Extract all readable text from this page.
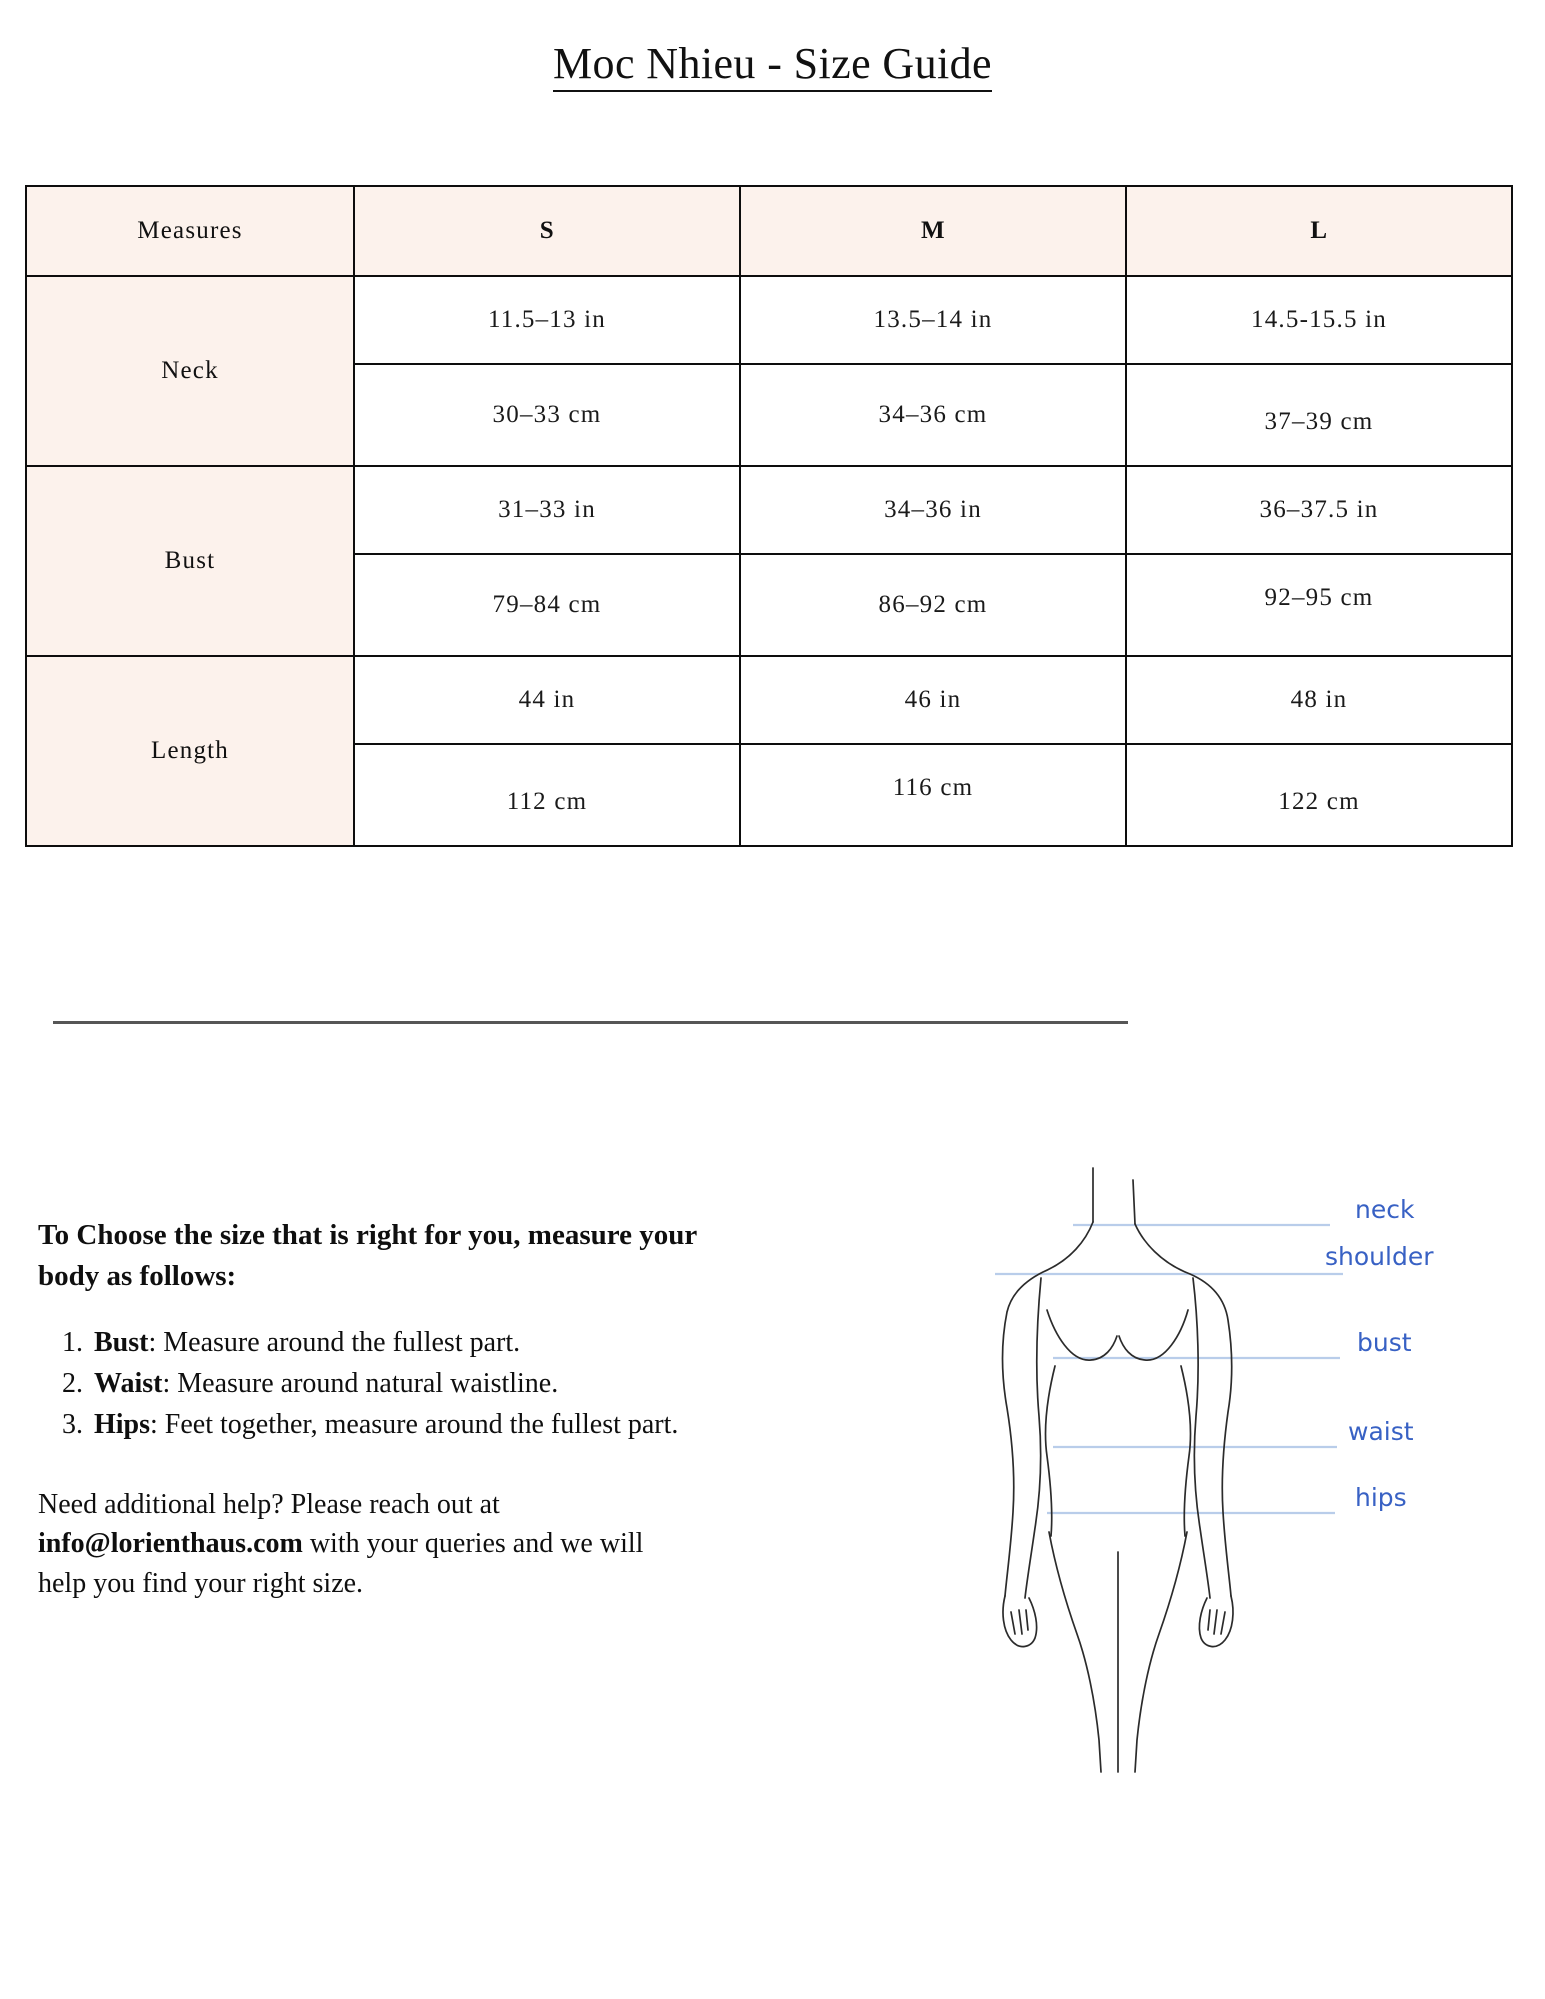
Moc Nhieu - Size Guide
Measures	S	M	L
Neck	11.5–13 in	13.5–14 in	14.5-15.5 in
	30–33 cm	34–36 cm	37–39 cm
Bust	31–33 in	34–36 in	36–37.5 in
	79–84 cm	86–92 cm	92–95 cm
Length	44 in	46 in	48 in
	112 cm	116 cm	122 cm

To Choose the size that is right for you, measure your body as follows:

1. Bust: Measure around the fullest part.
2. Waist: Measure around natural waistline.
3. Hips: Feet together, measure around the fullest part.

Need additional help? Please reach out at info@lorienthaus.com with your queries and we will help you find your right size.

neck
shoulder
bust
waist
hips
